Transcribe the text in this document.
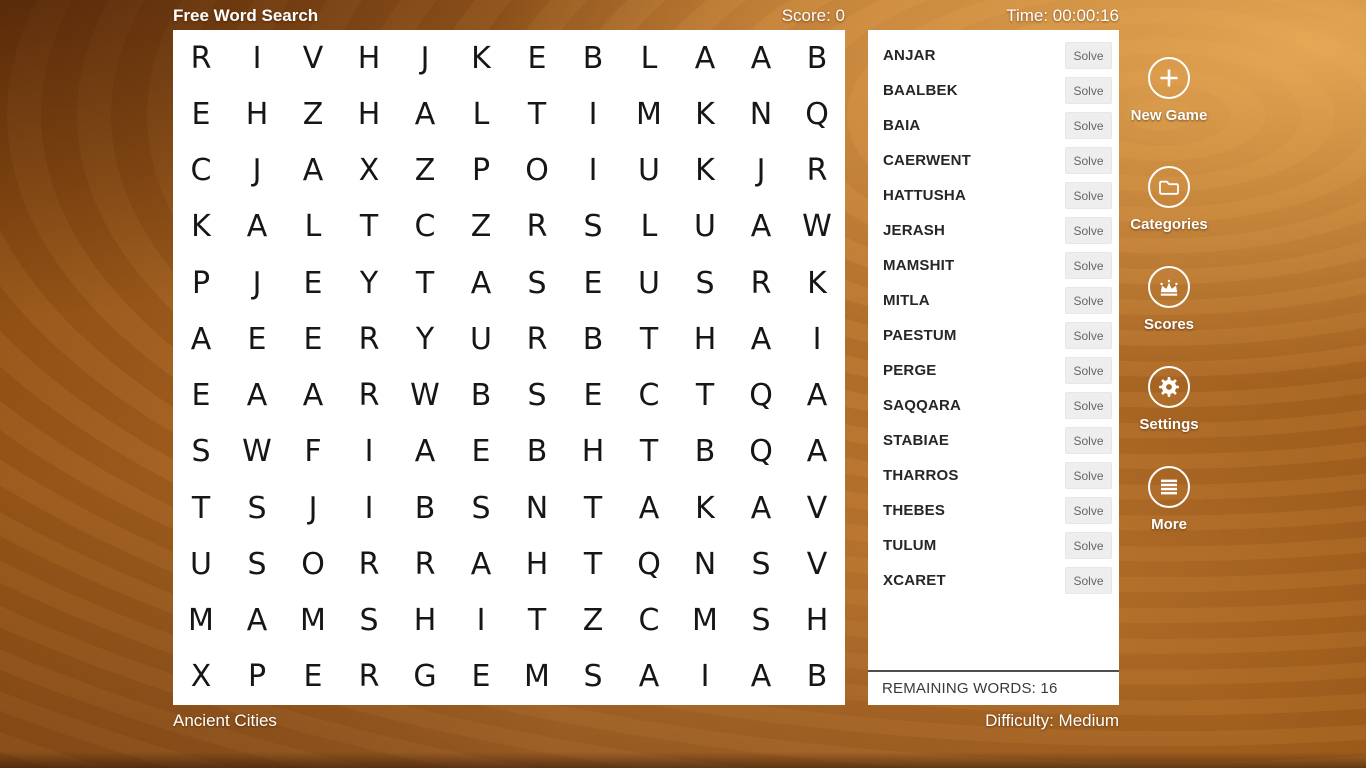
Free Word Search	Score: 0	Time: 00:00:16
R	I	V	H	J	K	E	B	L	A	A	B
E	H	Z	H	A	L	T	I	M	K	N	Q
C	J	A	X	Z	P	O	I	U	K	J	R
K	A	L	T	C	Z	R	S	L	U	A	W
P	J	E	Y	T	A	S	E	U	S	R	K
A	E	E	R	Y	U	R	B	T	H	A	I
E	A	A	R	W	B	S	E	C	T	Q	A
S	W	F	I	A	E	B	H	T	B	Q	A
T	S	J	I	B	S	N	T	A	K	A	V
U	S	O	R	R	A	H	T	Q	N	S	V
M	A	M	S	H	I	T	Z	C	M	S	H
X	P	E	R	G	E	M	S	A	I	A	B
ANJAR	Solve
BAALBEK	Solve
BAIA	Solve
CAERWENT	Solve
HATTUSHA	Solve
JERASH	Solve
MAMSHIT	Solve
MITLA	Solve
PAESTUM	Solve
PERGE	Solve
SAQQARA	Solve
STABIAE	Solve
THARROS	Solve
THEBES	Solve
TULUM	Solve
XCARET	Solve
REMAINING WORDS: 16
New Game
Categories
Scores
Settings
More
Ancient Cities	Difficulty: Medium
